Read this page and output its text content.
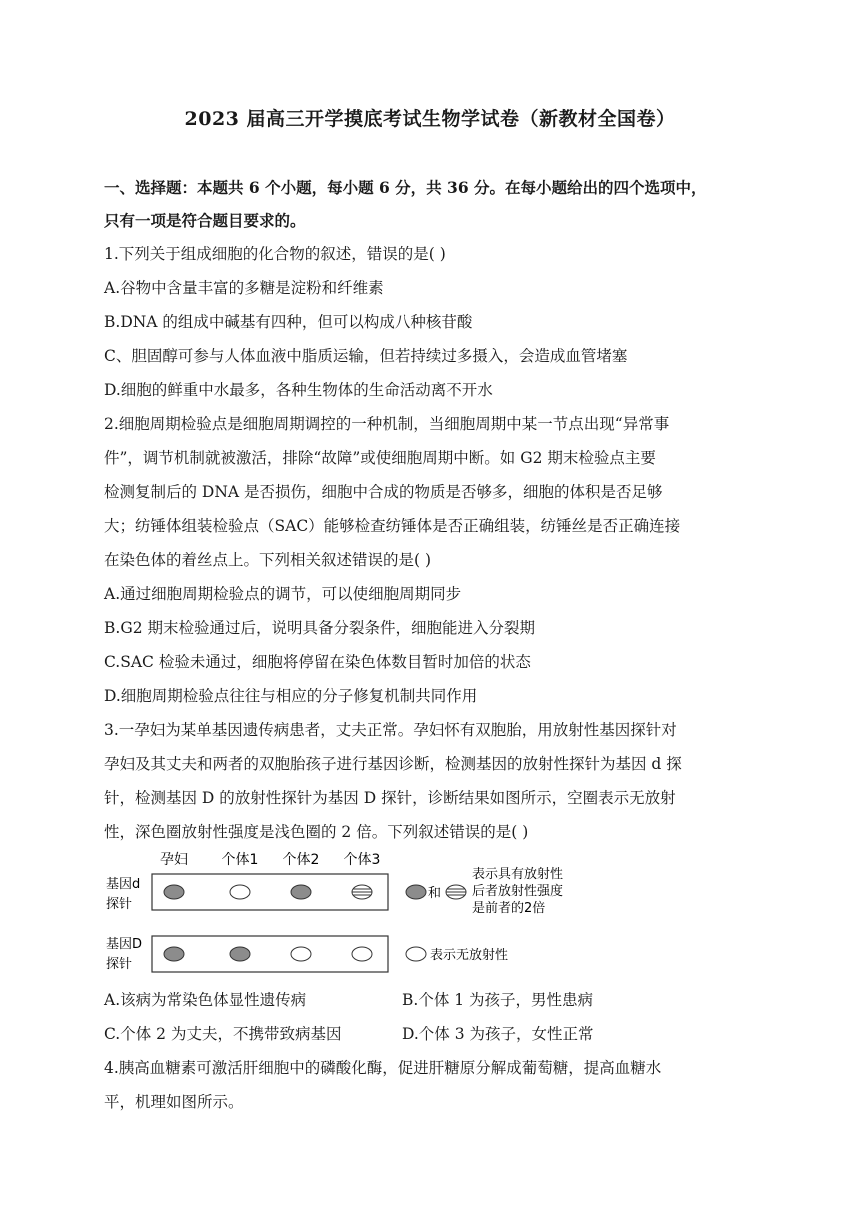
2023 届高三开学摸底考试生物学试卷（新教材全国卷）
一、选择题：本题共 6 个小题，每小题 6 分，共 36 分。在每小题给出的四个选项中，
只有一项是符合题目要求的。
1.下列关于组成细胞的化合物的叙述，错误的是( )
A.谷物中含量丰富的多糖是淀粉和纤维素
B.DNA 的组成中碱基有四种，但可以构成八种核苷酸
C、胆固醇可参与人体血液中脂质运输，但若持续过多摄入，会造成血管堵塞
D.细胞的鲜重中水最多，各种生物体的生命活动离不开水
2.细胞周期检验点是细胞周期调控的一种机制，当细胞周期中某一节点出现“异常事
件”，调节机制就被激活，排除“故障”或使细胞周期中断。如 G2 期末检验点主要
检测复制后的 DNA 是否损伤，细胞中合成的物质是否够多，细胞的体积是否足够
大；纺锤体组装检验点（SAC）能够检查纺锤体是否正确组装，纺锤丝是否正确连接
在染色体的着丝点上。下列相关叙述错误的是( )
A.通过细胞周期检验点的调节，可以使细胞周期同步
B.G2 期末检验通过后，说明具备分裂条件，细胞能进入分裂期
C.SAC 检验未通过，细胞将停留在染色体数目暂时加倍的状态
D.细胞周期检验点往往与相应的分子修复机制共同作用
3.一孕妇为某单基因遗传病患者，丈夫正常。孕妇怀有双胞胎，用放射性基因探针对
孕妇及其丈夫和两者的双胞胎孩子进行基因诊断，检测基因的放射性探针为基因 d 探
针，检测基因 D 的放射性探针为基因 D 探针，诊断结果如图所示，空圈表示无放射
性，深色圈放射性强度是浅色圈的 2 倍。下列叙述错误的是( )
孕妇 个体1 个体2 个体3
基因d
探针
基因D
探针
和
表示具有放射性
后者放射性强度
是前者的2倍
表示无放射性
A.该病为常染色体显性遗传病	B.个体 1 为孩子，男性患病
C.个体 2 为丈夫，不携带致病基因	D.个体 3 为孩子，女性正常
4.胰高血糖素可激活肝细胞中的磷酸化酶，促进肝糖原分解成葡萄糖，提高血糖水
平，机理如图所示。
